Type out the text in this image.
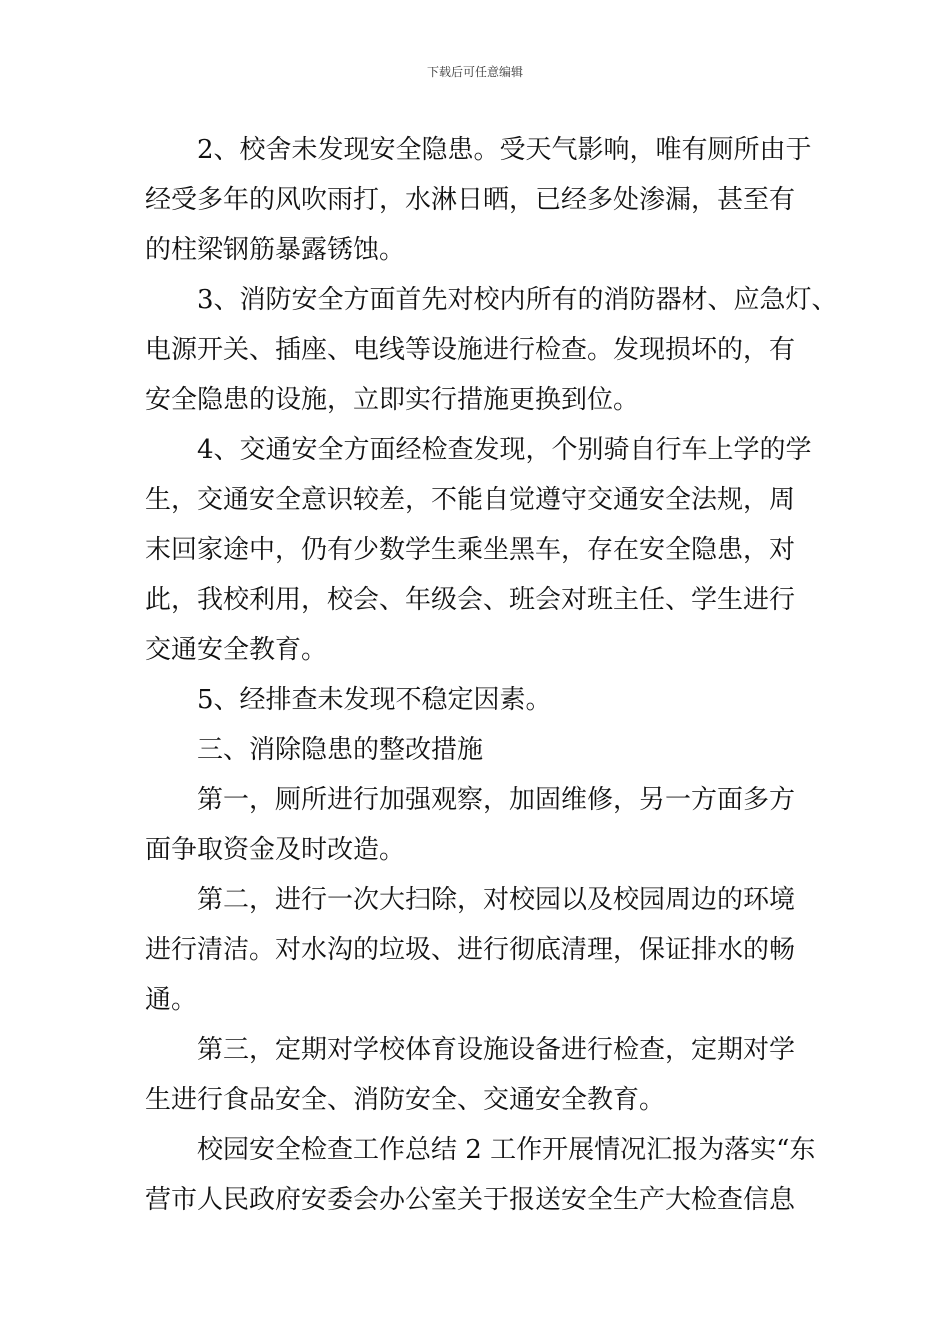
下载后可任意编辑
2、校舍未发现安全隐患。受天气影响，唯有厕所由于
经受多年的风吹雨打，水淋日晒，已经多处渗漏，甚至有
的柱梁钢筋暴露锈蚀。
3、消防安全方面首先对校内所有的消防器材、应急灯、
电源开关、插座、电线等设施进行检查。发现损坏的，有
安全隐患的设施，立即实行措施更换到位。
4、交通安全方面经检查发现，个别骑自行车上学的学
生，交通安全意识较差，不能自觉遵守交通安全法规，周
末回家途中，仍有少数学生乘坐黑车，存在安全隐患，对
此，我校利用，校会、年级会、班会对班主任、学生进行
交通安全教育。
5、经排查未发现不稳定因素。
三、消除隐患的整改措施
第一，厕所进行加强观察，加固维修，另一方面多方
面争取资金及时改造。
第二，进行一次大扫除，对校园以及校园周边的环境
进行清洁。对水沟的垃圾、进行彻底清理，保证排水的畅
通。
第三，定期对学校体育设施设备进行检查，定期对学
生进行食品安全、消防安全、交通安全教育。
校园安全检查工作总结 2 工作开展情况汇报为落实“东
营市人民政府安委会办公室关于报送安全生产大检查信息
